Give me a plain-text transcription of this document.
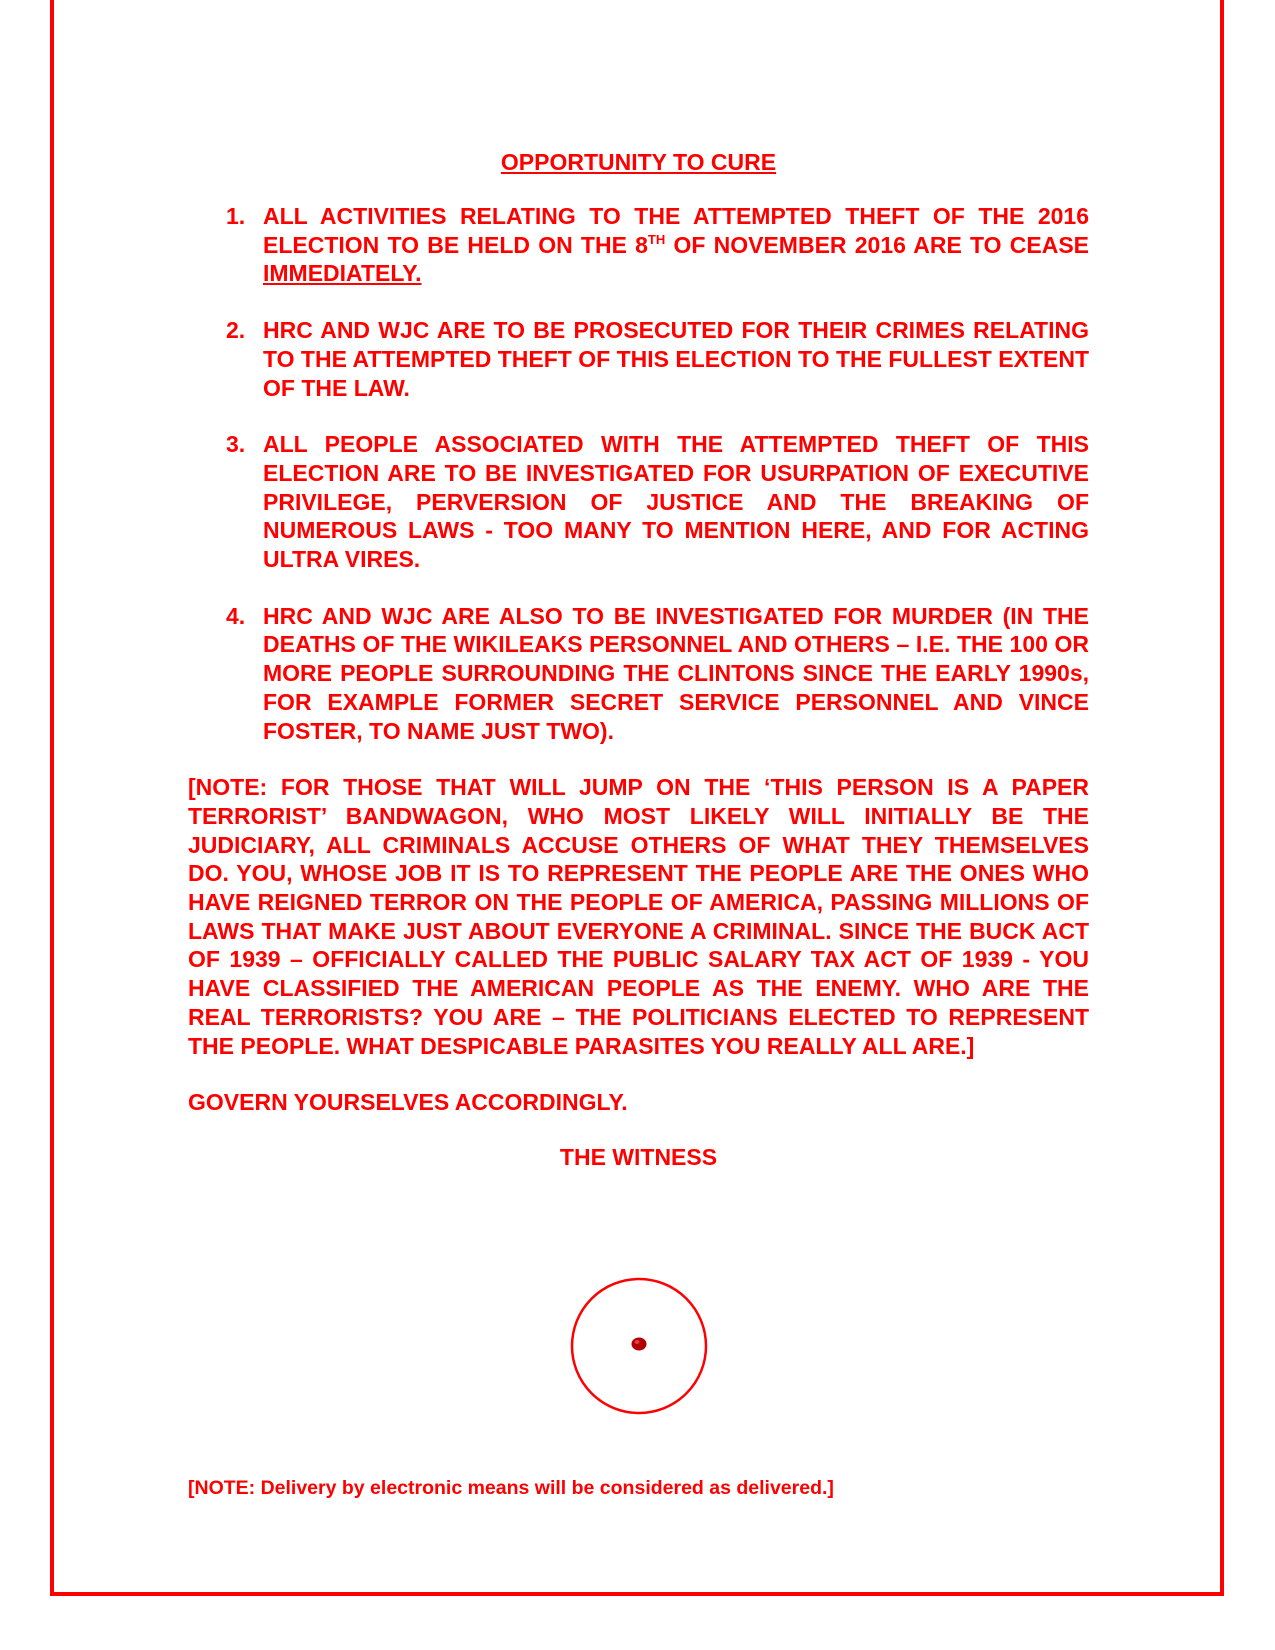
OPPORTUNITY TO CURE

1. ALL ACTIVITIES RELATING TO THE ATTEMPTED THEFT OF THE 2016 ELECTION TO BE HELD ON THE 8TH OF NOVEMBER 2016 ARE TO CEASE IMMEDIATELY.
2. HRC AND WJC ARE TO BE PROSECUTED FOR THEIR CRIMES RELATING TO THE ATTEMPTED THEFT OF THIS ELECTION TO THE FULLEST EXTENT OF THE LAW.
3. ALL PEOPLE ASSOCIATED WITH THE ATTEMPTED THEFT OF THIS ELECTION ARE TO BE INVESTIGATED FOR USURPATION OF EXECUTIVE PRIVILEGE, PERVERSION OF JUSTICE AND THE BREAKING OF NUMEROUS LAWS - TOO MANY TO MENTION HERE, AND FOR ACTING ULTRA VIRES.
4. HRC AND WJC ARE ALSO TO BE INVESTIGATED FOR MURDER (IN THE DEATHS OF THE WIKILEAKS PERSONNEL AND OTHERS – I.E. THE 100 OR MORE PEOPLE SURROUNDING THE CLINTONS SINCE THE EARLY 1990s, FOR EXAMPLE FORMER SECRET SERVICE PERSONNEL AND VINCE FOSTER, TO NAME JUST TWO).

[NOTE: FOR THOSE THAT WILL JUMP ON THE ‘THIS PERSON IS A PAPER TERRORIST’ BANDWAGON, WHO MOST LIKELY WILL INITIALLY BE THE JUDICIARY, ALL CRIMINALS ACCUSE OTHERS OF WHAT THEY THEMSELVES DO. YOU, WHOSE JOB IT IS TO REPRESENT THE PEOPLE ARE THE ONES WHO HAVE REIGNED TERROR ON THE PEOPLE OF AMERICA, PASSING MILLIONS OF LAWS THAT MAKE JUST ABOUT EVERYONE A CRIMINAL. SINCE THE BUCK ACT OF 1939 – OFFICIALLY CALLED THE PUBLIC SALARY TAX ACT OF 1939 - YOU HAVE CLASSIFIED THE AMERICAN PEOPLE AS THE ENEMY. WHO ARE THE REAL TERRORISTS? YOU ARE – THE POLITICIANS ELECTED TO REPRESENT THE PEOPLE. WHAT DESPICABLE PARASITES YOU REALLY ALL ARE.]

GOVERN YOURSELVES ACCORDINGLY.

THE WITNESS

[NOTE: Delivery by electronic means will be considered as delivered.]
